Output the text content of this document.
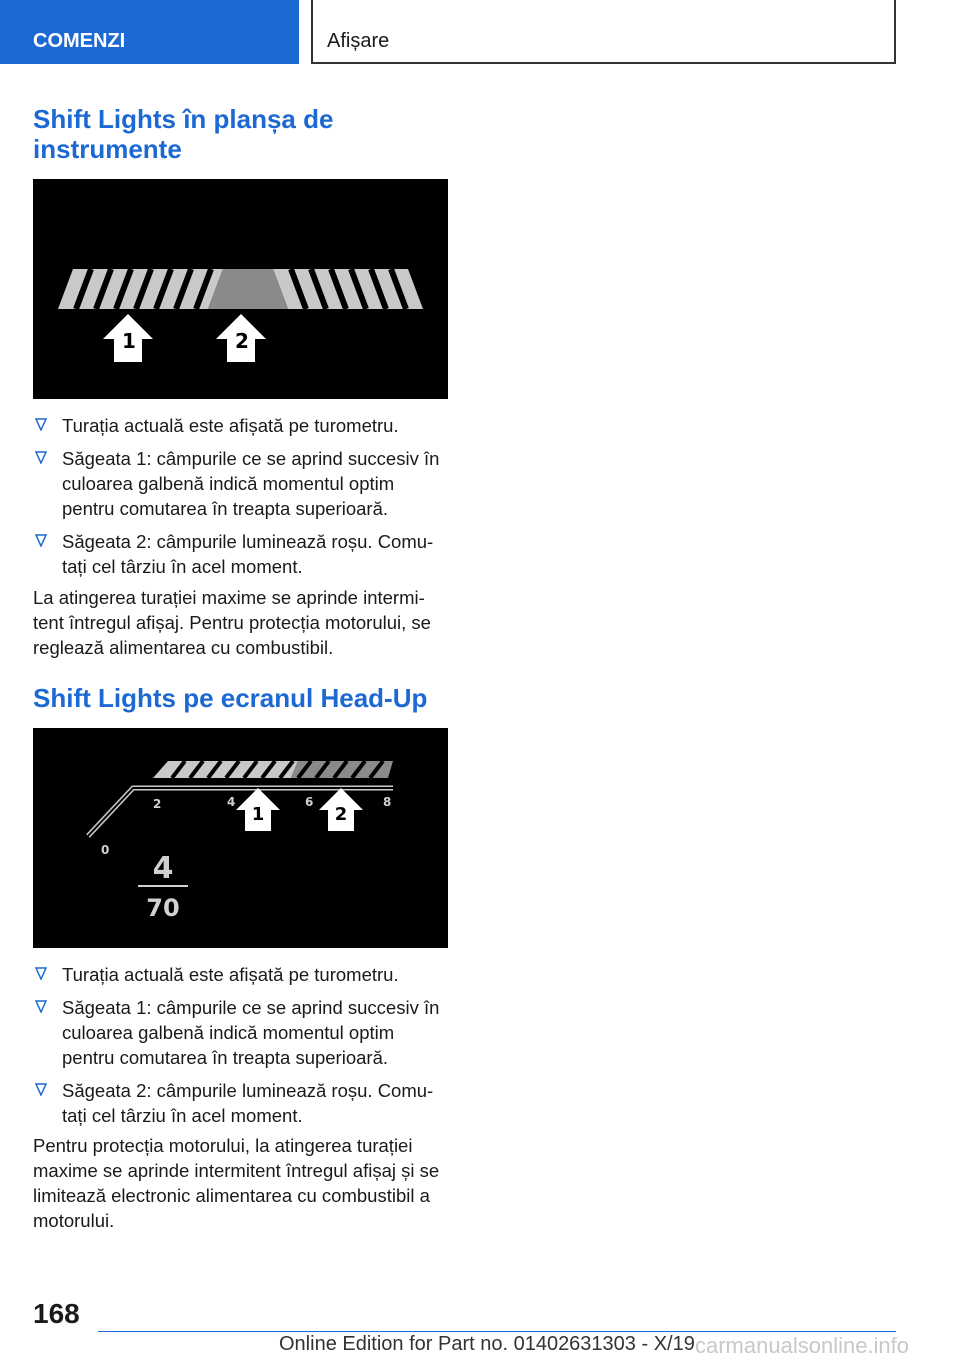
COMENZI	Afișare
Shift Lights în planșa de
instrumente
1	2
Turația actuală este afișată pe turometru.
Săgeata 1: câmpurile ce se aprind succesiv în
culoarea galbenă indică momentul optim
pentru comutarea în treapta superioară.
Săgeata 2: câmpurile luminează roșu. Comu-
tați cel târziu în acel moment.

La atingerea turației maxime se aprinde intermi-
tent întregul afișaj. Pentru protecția motorului, se
reglează alimentarea cu combustibil.

Shift Lights pe ecranul Head-Up
0
2	4	6	8
1	2
4
70
Turația actuală este afișată pe turometru.
Săgeata 1: câmpurile ce se aprind succesiv în
culoarea galbenă indică momentul optim
pentru comutarea în treapta superioară.
Săgeata 2: câmpurile luminează roșu. Comu-
tați cel târziu în acel moment.

Pentru protecția motorului, la atingerea turației
maxime se aprinde intermitent întregul afișaj și se
limitează electronic alimentarea cu combustibil a
motorului.

168
Online Edition for Part no. 01402631303 - X/19 carmanualsonline.info
